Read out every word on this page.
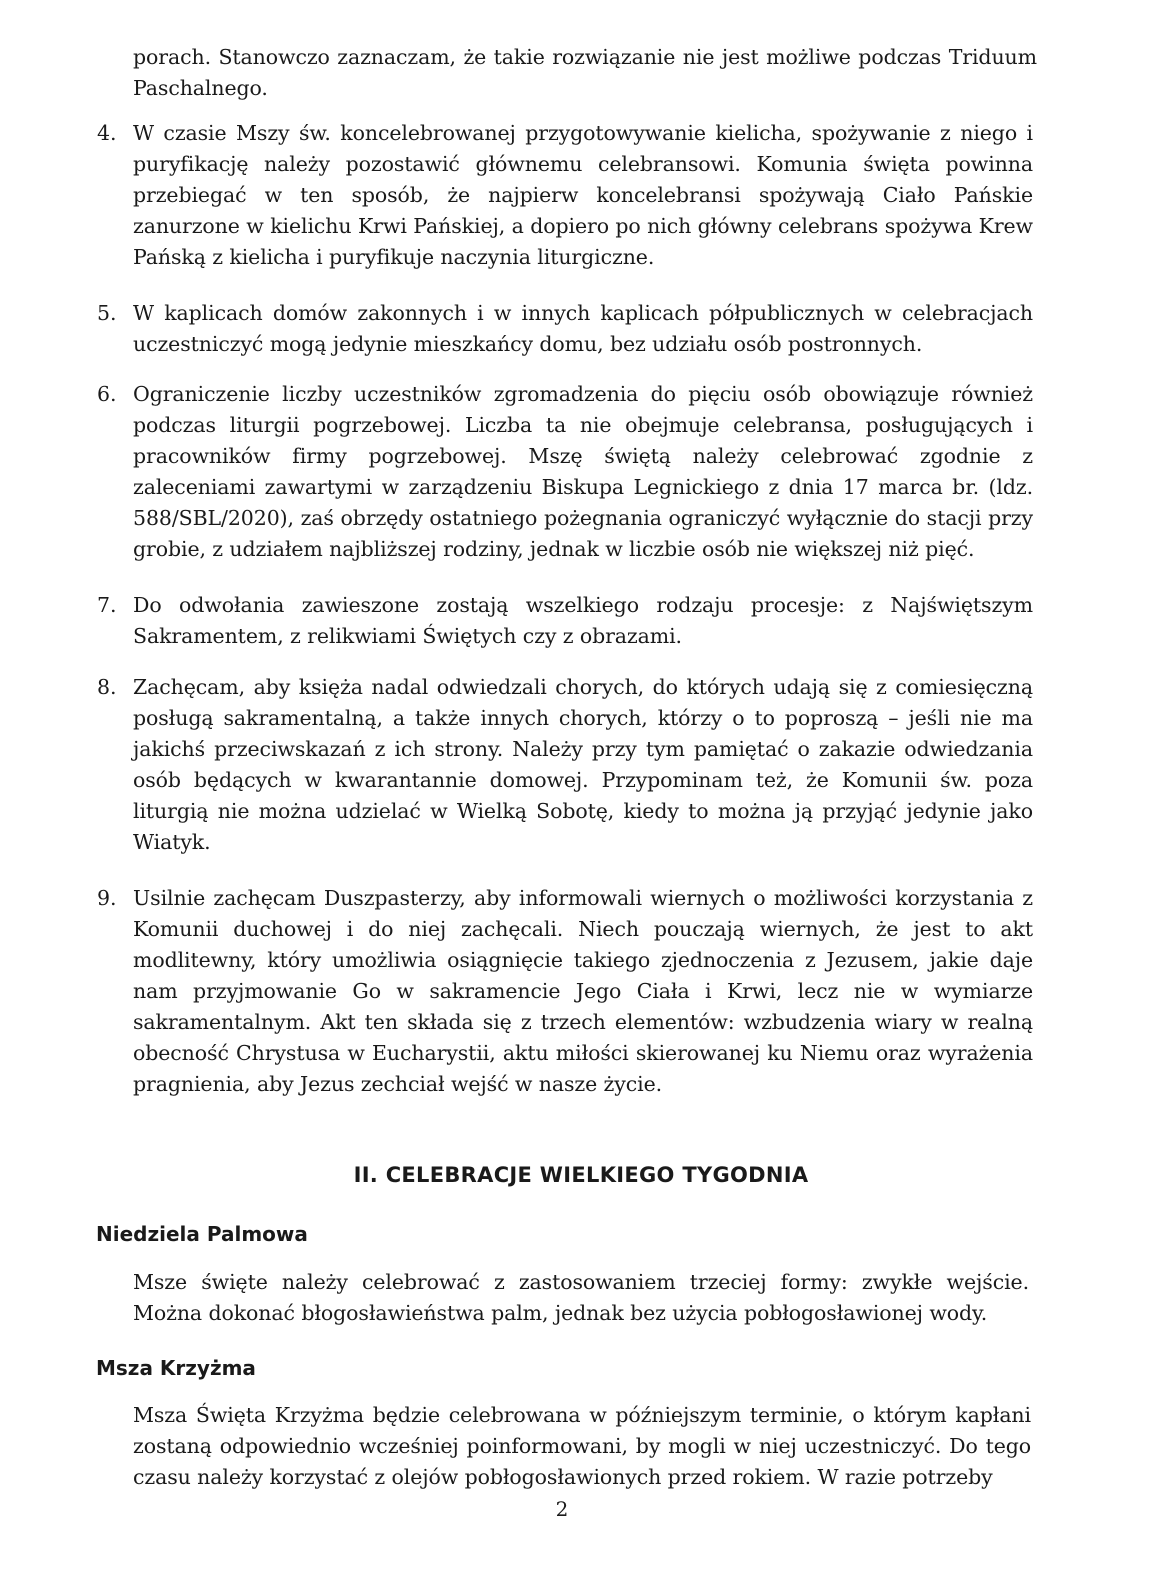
porach. Stanowczo zaznaczam, że takie rozwiązanie nie jest możliwe podczas Triduum Paschalnego.
4. W czasie Mszy św. koncelebrowanej przygotowywanie kielicha, spożywanie z niego i puryfikację należy pozostawić głównemu celebransowi. Komunia święta powinna przebiegać w ten sposób, że najpierw koncelebransi spożywają Ciało Pańskie zanurzone w kielichu Krwi Pańskiej, a dopiero po nich główny celebrans spożywa Krew Pańską z kielicha i puryfikuje naczynia liturgiczne.
5. W kaplicach domów zakonnych i w innych kaplicach półpublicznych w celebracjach uczestniczyć mogą jedynie mieszkańcy domu, bez udziału osób postronnych.
6. Ograniczenie liczby uczestników zgromadzenia do pięciu osób obowiązuje również podczas liturgii pogrzebowej. Liczba ta nie obejmuje celebransa, posługujących i pracowników firmy pogrzebowej. Mszę świętą należy celebrować zgodnie z zaleceniami zawartymi w zarządzeniu Biskupa Legnickiego z dnia 17 marca br. (ldz. 588/SBL/2020), zaś obrzędy ostatniego pożegnania ograniczyć wyłącznie do stacji przy grobie, z udziałem najbliższej rodziny, jednak w liczbie osób nie większej niż pięć.
7. Do odwołania zawieszone zostają wszelkiego rodzaju procesje: z Najświętszym Sakramentem, z relikwiami Świętych czy z obrazami.
8. Zachęcam, aby księża nadal odwiedzali chorych, do których udają się z comiesięczną posługą sakramentalną, a także innych chorych, którzy o to poproszą – jeśli nie ma jakichś przeciwskazań z ich strony. Należy przy tym pamiętać o zakazie odwiedzania osób będących w kwarantannie domowej. Przypominam też, że Komunii św. poza liturgią nie można udzielać w Wielką Sobotę, kiedy to można ją przyjąć jedynie jako Wiatyk.
9. Usilnie zachęcam Duszpasterzy, aby informowali wiernych o możliwości korzystania z Komunii duchowej i do niej zachęcali. Niech pouczają wiernych, że jest to akt modlitewny, który umożliwia osiągnięcie takiego zjednoczenia z Jezusem, jakie daje nam przyjmowanie Go w sakramencie Jego Ciała i Krwi, lecz nie w wymiarze sakramentalnym. Akt ten składa się z trzech elementów: wzbudzenia wiary w realną obecność Chrystusa w Eucharystii, aktu miłości skierowanej ku Niemu oraz wyrażenia pragnienia, aby Jezus zechciał wejść w nasze życie.
II. CELEBRACJE WIELKIEGO TYGODNIA
Niedziela Palmowa
Msze święte należy celebrować z zastosowaniem trzeciej formy: zwykłe wejście. Można dokonać błogosławieństwa palm, jednak bez użycia pobłogosławionej wody.
Msza Krzyżma
Msza Święta Krzyżma będzie celebrowana w późniejszym terminie, o którym kapłani zostaną odpowiednio wcześniej poinformowani, by mogli w niej uczestniczyć. Do tego czasu należy korzystać z olejów pobłogosławionych przed rokiem. W razie potrzeby
2
